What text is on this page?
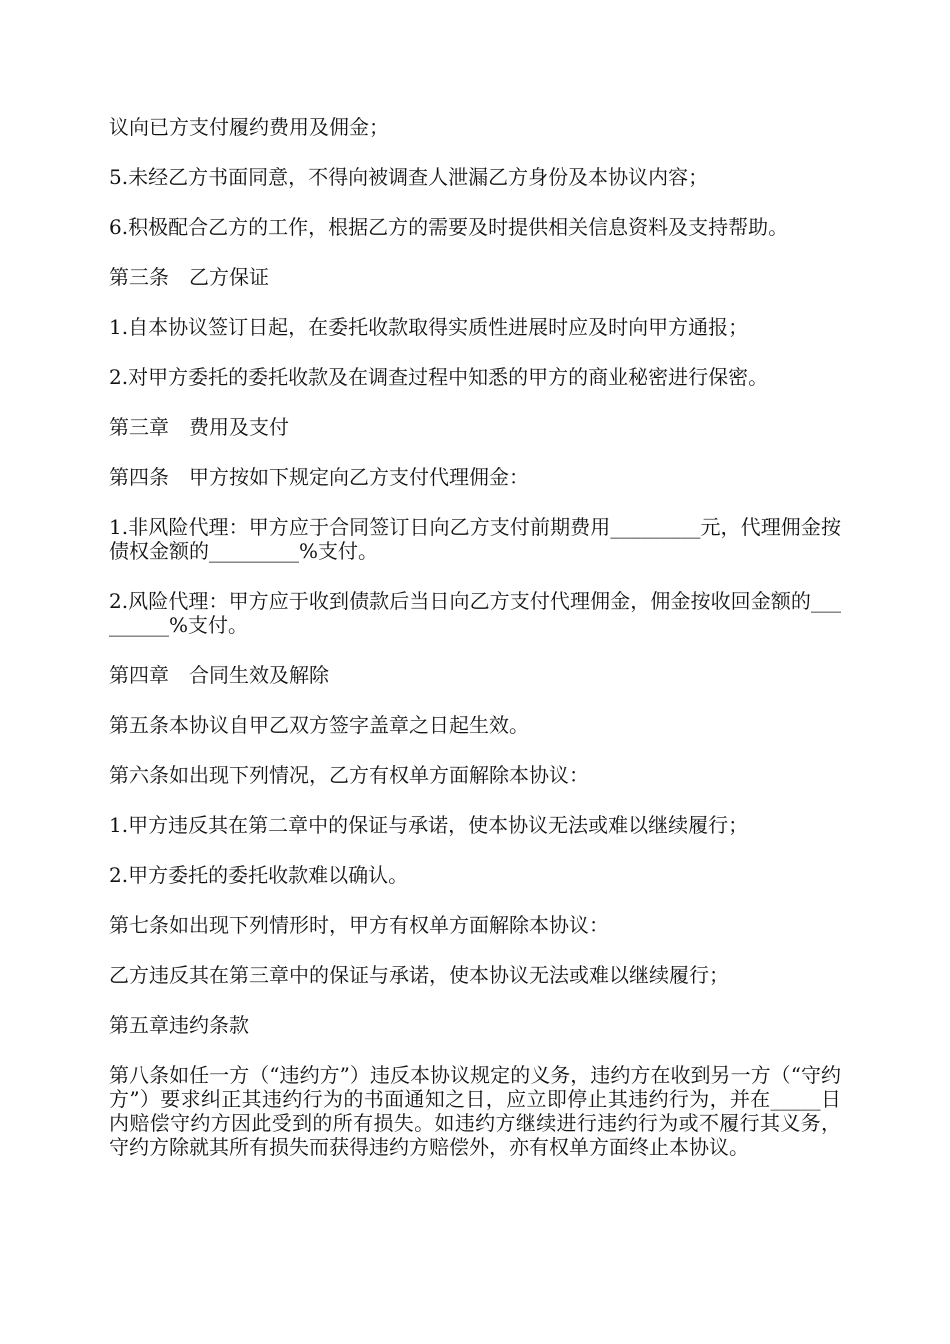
议向已方支付履约费用及佣金；

5.未经乙方书面同意，不得向被调查人泄漏乙方身份及本协议内容；

6.积极配合乙方的工作，根据乙方的需要及时提供相关信息资料及支持帮助。

第三条　乙方保证

1.自本协议签订日起，在委托收款取得实质性进展时应及时向甲方通报；

2.对甲方委托的委托收款及在调查过程中知悉的甲方的商业秘密进行保密。

第三章　费用及支付

第四条　甲方按如下规定向乙方支付代理佣金：

1.非风险代理：甲方应于合同签订日向乙方支付前期费用_________元，代理佣金按债权金额的_________%支付。

2.风险代理：甲方应于收到债款后当日向乙方支付代理佣金，佣金按收回金额的_________%支付。

第四章　合同生效及解除

第五条本协议自甲乙双方签字盖章之日起生效。

第六条如出现下列情况，乙方有权单方面解除本协议：

1.甲方违反其在第二章中的保证与承诺，使本协议无法或难以继续履行；

2.甲方委托的委托收款难以确认。

第七条如出现下列情形时，甲方有权单方面解除本协议：

乙方违反其在第三章中的保证与承诺，使本协议无法或难以继续履行；

第五章违约条款

第八条如任一方（“违约方”）违反本协议规定的义务，违约方在收到另一方（“守约方”）要求纠正其违约行为的书面通知之日，应立即停止其违约行为，并在_____日内赔偿守约方因此受到的所有损失。如违约方继续进行违约行为或不履行其义务，守约方除就其所有损失而获得违约方赔偿外，亦有权单方面终止本协议。
